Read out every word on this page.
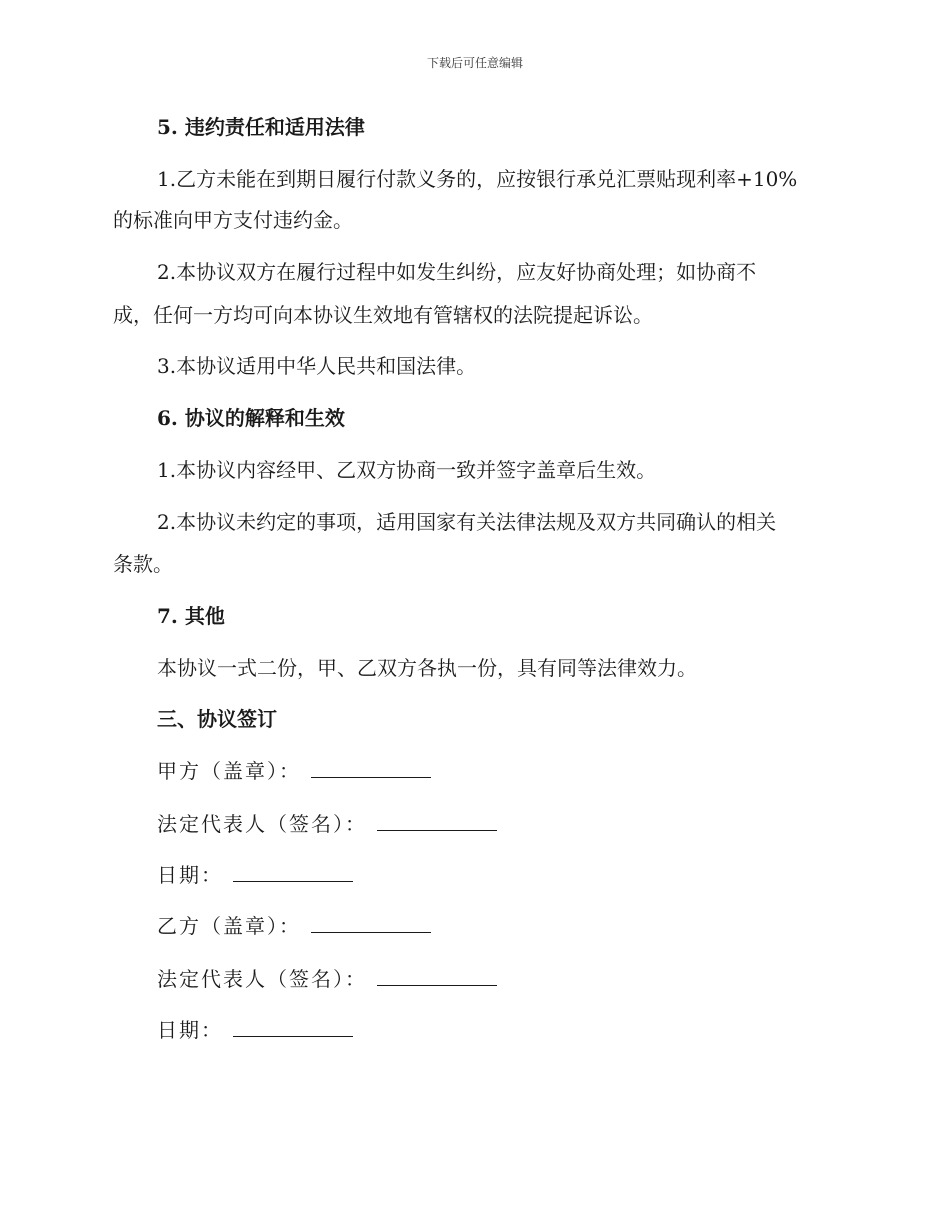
下载后可任意编辑
5. 违约责任和适用法律
1.乙方未能在到期日履行付款义务的，应按银行承兑汇票贴现利率+10%
的标准向甲方支付违约金。
2.本协议双方在履行过程中如发生纠纷，应友好协商处理；如协商不
成，任何一方均可向本协议生效地有管辖权的法院提起诉讼。
3.本协议适用中华人民共和国法律。
6. 协议的解释和生效
1.本协议内容经甲、乙双方协商一致并签字盖章后生效。
2.本协议未约定的事项，适用国家有关法律法规及双方共同确认的相关
条款。
7. 其他
本协议一式二份，甲、乙双方各执一份，具有同等法律效力。
三、协议签订
甲方（盖章）：
法定代表人（签名）：
日期：
乙方（盖章）：
法定代表人（签名）：
日期：
